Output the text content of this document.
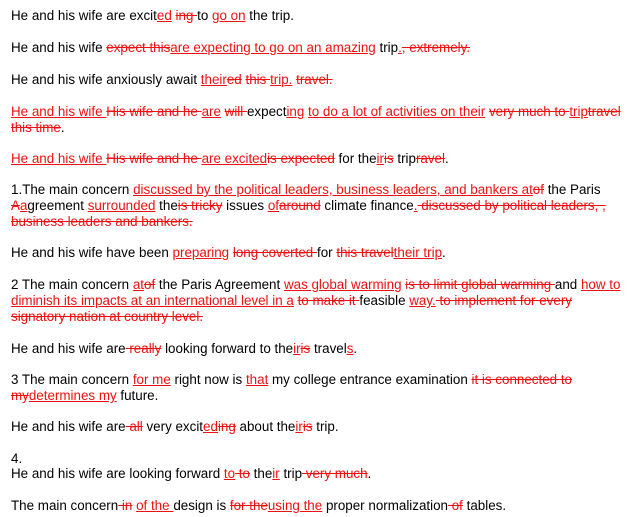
He and his wife are excited ing to go on the trip.

He and his wife expect thisare expecting to go on an amazing trip., extremely.

He and his wife anxiously await theired this trip. travel.

He and his wife His wife and he are will expecting to do a lot of activities on their very much to triptravel this time.

He and his wife His wife and he are excitedis expected for theiris tripravel.

1.The main concern discussed by the political leaders, business leaders, and bankers atof the Paris Aagreement surrounded theis tricky issues ofaround climate finance. discussed by political leaders, , business leaders and bankers.

He and his wife have been preparing long coverted for this traveltheir trip.

2 The main concern atof the Paris Agreement was global warming is to limit global warming and how to diminish its impacts at an international level in a to make it feasible way. to implement for every signatory nation at country level.

He and his wife are really looking forward to theiris travels.

3 The main concern for me right now is that my college entrance examination it is connected to mydetermines my future.

He and his wife are all very exciteding about theiris trip.

4.

He and his wife are looking forward to to their trip very much.

The main concern in of the design is for theusing the proper normalization of tables.
